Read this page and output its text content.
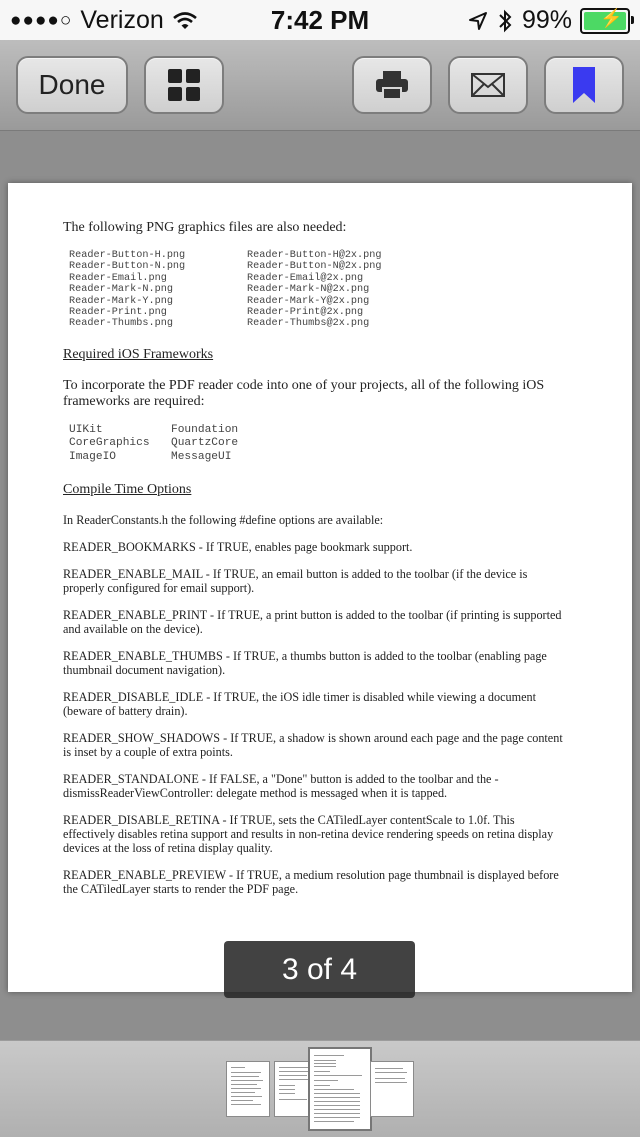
●●●●○ Verizon	7:42 PM	99% ⚡
Done

The following PNG graphics files are also needed:

Reader-Button-H.png
Reader-Button-N.png
Reader-Email.png
Reader-Mark-N.png
Reader-Mark-Y.png
Reader-Print.png
Reader-Thumbs.png
Reader-Button-H@2x.png
Reader-Button-N@2x.png
Reader-Email@2x.png
Reader-Mark-N@2x.png
Reader-Mark-Y@2x.png
Reader-Print@2x.png
Reader-Thumbs@2x.png
Required iOS Frameworks

To incorporate the PDF reader code into one of your projects, all of the following iOS frameworks are required:

UIKit
CoreGraphics
ImageIO
Foundation
QuartzCore
MessageUI
Compile Time Options

In ReaderConstants.h the following #define options are available:

READER_BOOKMARKS - If TRUE, enables page bookmark support.

READER_ENABLE_MAIL - If TRUE, an email button is added to the toolbar (if the device is properly configured for email support).

READER_ENABLE_PRINT - If TRUE, a print button is added to the toolbar (if printing is supported and available on the device).

READER_ENABLE_THUMBS - If TRUE, a thumbs button is added to the toolbar (enabling page thumbnail document navigation).

READER_DISABLE_IDLE - If TRUE, the iOS idle timer is disabled while viewing a document (beware of battery drain).

READER_SHOW_SHADOWS - If TRUE, a shadow is shown around each page and the page content is inset by a couple of extra points.

READER_STANDALONE - If FALSE, a "Done" button is added to the toolbar and the -dismissReaderViewController: delegate method is messaged when it is tapped.

READER_DISABLE_RETINA - If TRUE, sets the CATiledLayer contentScale to 1.0f. This effectively disables retina support and results in non-retina device rendering speeds on retina display devices at the loss of retina display quality.

READER_ENABLE_PREVIEW - If TRUE, a medium resolution page thumbnail is displayed before the CATiledLayer starts to render the PDF page.

3 of 4
